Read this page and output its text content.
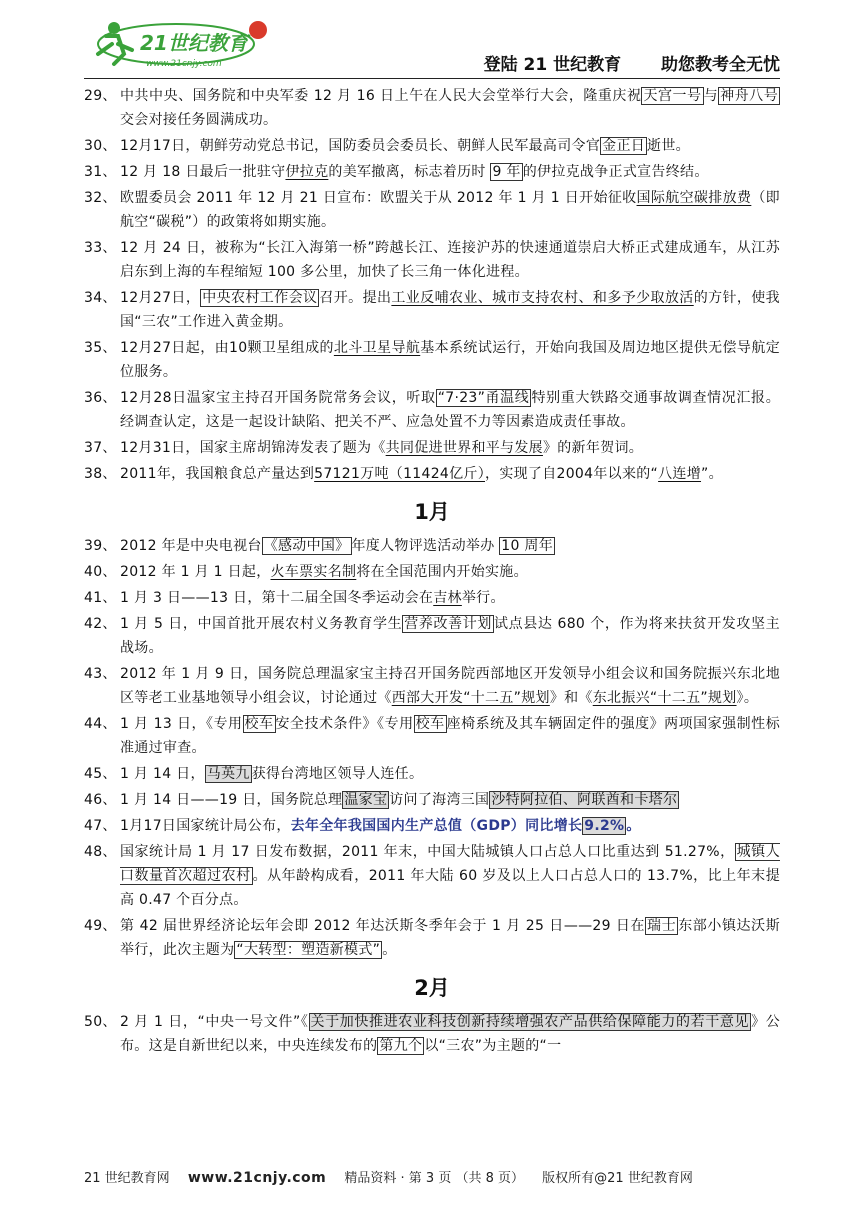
21世纪教育
www.21cnjy.com	登陆 21 世纪教育 助您教考全无忧
29、 中共中央、国务院和中央军委 12 月 16 日上午在人民大会堂举行大会，隆重庆祝 天宫一号 与 神舟八号交会对接任务圆满成功。
30、 12月17日，朝鲜劳动党总书记，国防委员会委员长、朝鲜人民军最高司令官 金正日 逝世。
31、 12 月 18 日最后一批驻守伊拉克的美军撤离，标志着历时 9 年 的伊拉克战争正式宣告终结。
32、 欧盟委员会 2011 年 12 月 21 日宣布：欧盟关于从 2012 年 1 月 1 日开始征收国际航空碳排放费（即航空“碳税”）的政策将如期实施。
33、 12 月 24 日，被称为“长江入海第一桥”跨越长江、连接沪苏的快速通道崇启大桥正式建成通车，从江苏启东到上海的车程缩短 100 多公里，加快了长三角一体化进程。
34、 12月27日， 中央农村工作会议 召开。提出工业反哺农业、城市支持农村、和多予少取放活的方针，使我国“三农”工作进入黄金期。
35、 12月27日起，由10颗卫星组成的北斗卫星导航基本系统试运行，开始向我国及周边地区提供无偿导航定位服务。
36、 12月28日温家宝主持召开国务院常务会议，听取 “7·23”甬温线 特别重大铁路交通事故调查情况汇报。经调查认定，这是一起设计缺陷、把关不严、应急处置不力等因素造成责任事故。
37、 12月31日，国家主席胡锦涛发表了题为《共同促进世界和平与发展》的新年贺词。
38、 2011年，我国粮食总产量达到57121万吨（11424亿斤），实现了自2004年以来的“八连增”。
1月
39、 2012 年是中央电视台 《感动中国》 年度人物评选活动举办 10 周年
40、 2012 年 1 月 1 日起，火车票实名制将在全国范围内开始实施。
41、 1 月 3 日——13 日，第十二届全国冬季运动会在吉林举行。
42、 1 月 5 日，中国首批开展农村义务教育学生 营养改善计划 试点县达 680 个，作为将来扶贫开发攻坚主战场。
43、 2012 年 1 月 9 日，国务院总理温家宝主持召开国务院西部地区开发领导小组会议和国务院振兴东北地区等老工业基地领导小组会议，讨论通过《西部大开发“十二五”规划》和《东北振兴“十二五”规划》。
44、 1 月 13 日，《专用 校车 安全技术条件》《专用 校车 座椅系统及其车辆固定件的强度》两项国家强制性标准通过审查。
45、 1 月 14 日， 马英九 获得台湾地区领导人连任。
46、 1 月 14 日——19 日，国务院总理 温家宝 访问了海湾三国 沙特阿拉伯、阿联酋和卡塔尔
47、 1月17日国家统计局公布，去年全年我国国内生产总值（GDP）同比增长 9.2% 。
48、 国家统计局 1 月 17 日发布数据，2011 年末，中国大陆城镇人口占总人口比重达到 51.27%， 城镇人口数量首次超过农村 。从年龄构成看，2011 年大陆 60 岁及以上人口占总人口的 13.7%，比上年末提高 0.47 个百分点。
49、 第 42 届世界经济论坛年会即 2012 年达沃斯冬季年会于 1 月 25 日——29 日在 瑞士 东部小镇达沃斯举行，此次主题为 “大转型：塑造新模式” 。
2月
50、 2 月 1 日，“中央一号文件”《 关于加快推进农业科技创新持续增强农产品供给保障能力的若干意见 》公布。这是自新世纪以来，中央连续发布的 第九个 以“三农”为主题的“一
21 世纪教育网 www.21cnjy.com 精品资料 · 第 3 页 （共 8 页） 版权所有@21 世纪教育网
